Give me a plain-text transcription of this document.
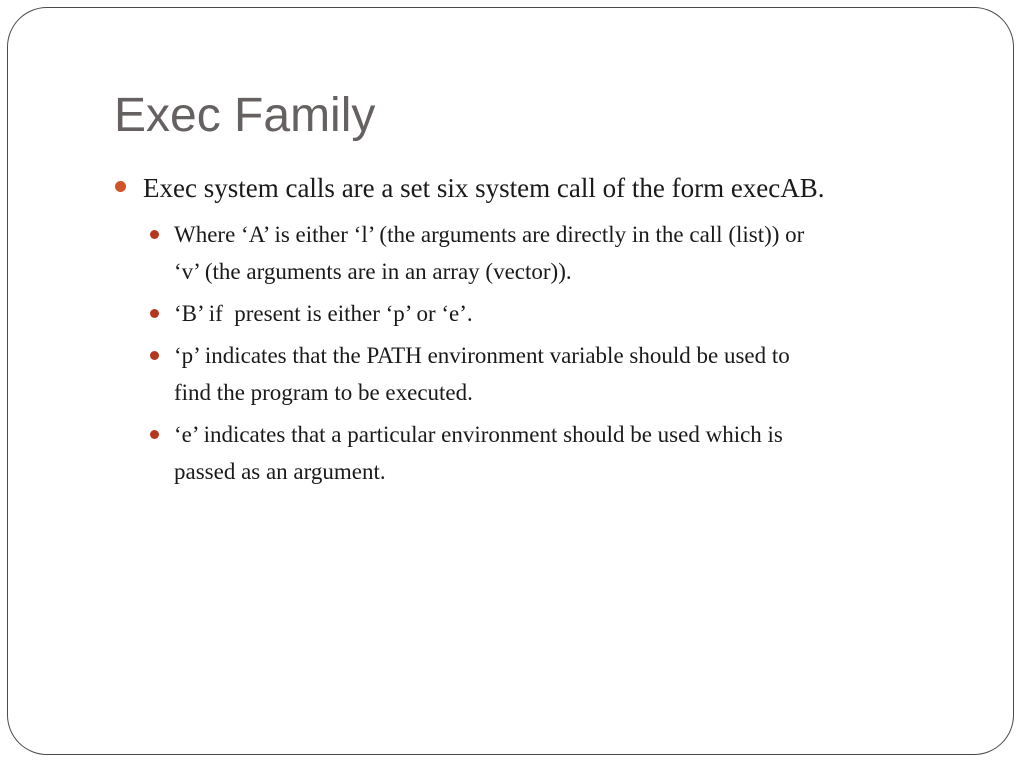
Exec Family
Exec system calls are a set six system call of the form execAB.
Where ‘A’ is either ‘l’ (the arguments are directly in the call (list)) or
‘v’ (the arguments are in an array (vector)).
‘B’ if  present is either ‘p’ or ‘e’.
‘p’ indicates that the PATH environment variable should be used to
find the program to be executed.
‘e’ indicates that a particular environment should be used which is
passed as an argument.
